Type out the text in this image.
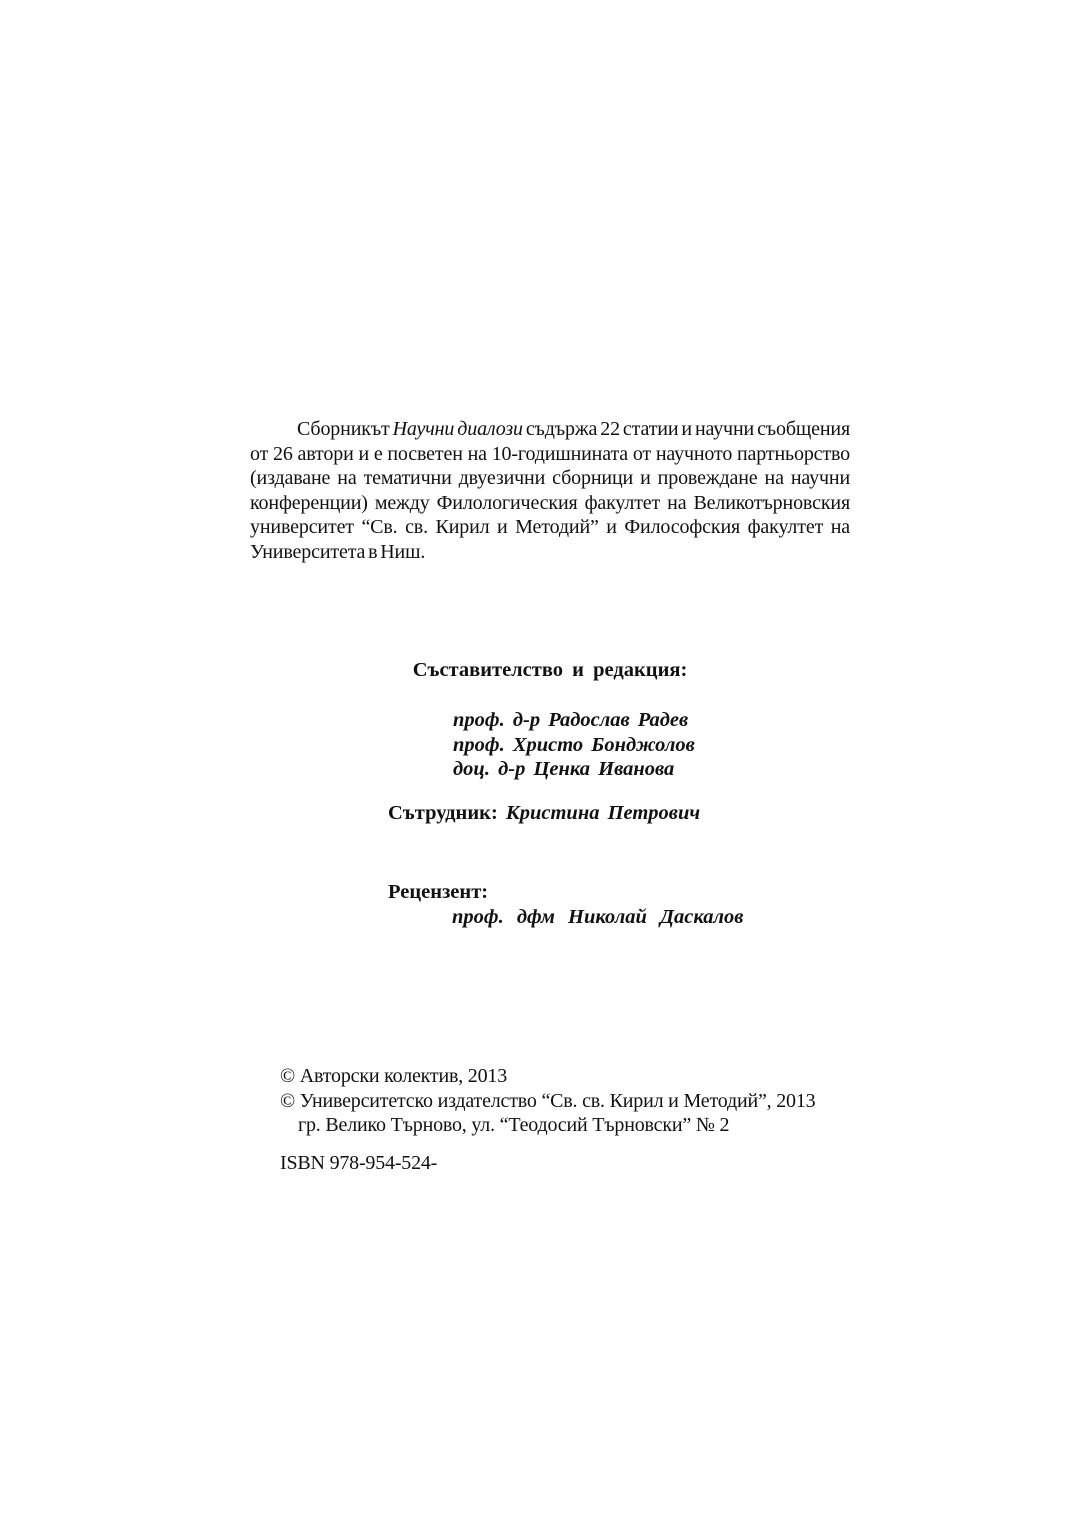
Сборникът Научни диалози съдържа 22 статии и научни съобщения от 26 автори и е посветен на 10-годишнината от научното партньорство (издаване на тематични двуезични сборници и провеждане на научни конференции) между Филологическия факултет на Великотърновския университет “Св. св. Кирил и Методий” и Философския факултет на Университета в Ниш.

Съставителство и редакция:
проф. д-р Радослав Радев
проф. Христо Бонджолов
доц. д-р Ценка Иванова
Сътрудник: Кристина Петрович
Рецензент:
проф. дфм Николай Даскалов
© Авторски колектив, 2013
© Университетско издателство “Св. св. Кирил и Методий”, 2013
гр. Велико Търново, ул. “Теодосий Търновски” № 2
ISBN 978-954-524-
